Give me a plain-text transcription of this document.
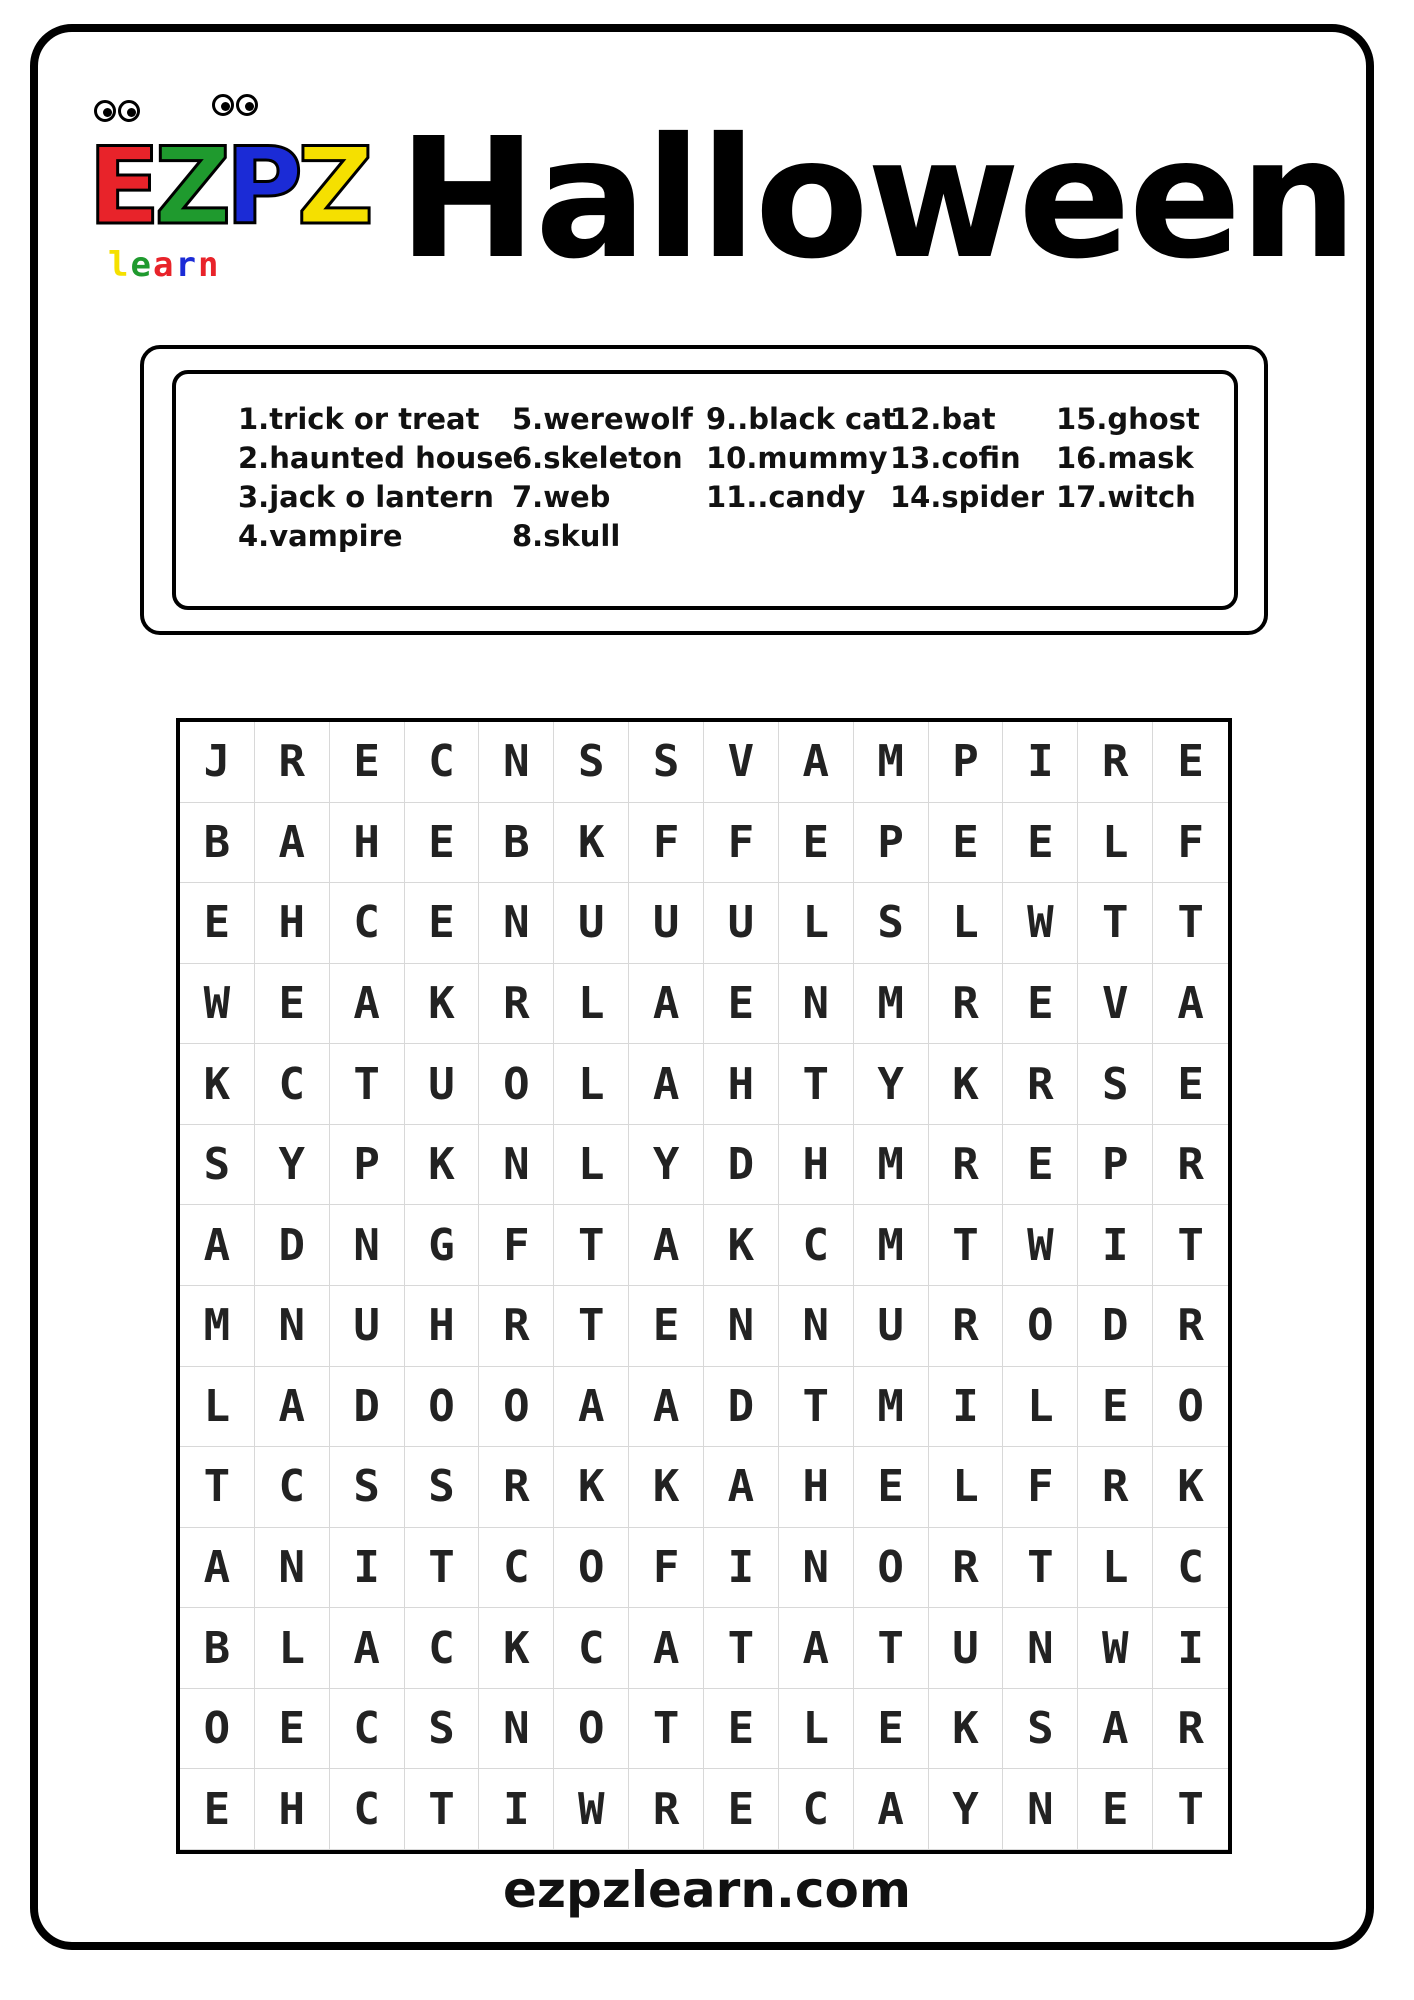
E Z P Z
l e a r n Halloween
1.trick or treat
2.haunted house
3.jack o lantern
4.vampire
5.werewolf
6.skeleton
7.web
8.skull
9..black cat
10.mummy
11..candy
12.bat
13.cofin
14.spider
15.ghost
16.mask
17.witch
J	R	E	C	N	S	S	V	A	M	P	I	R	E
B	A	H	E	B	K	F	F	E	P	E	E	L	F
E	H	C	E	N	U	U	U	L	S	L	W	T	T
W	E	A	K	R	L	A	E	N	M	R	E	V	A
K	C	T	U	O	L	A	H	T	Y	K	R	S	E
S	Y	P	K	N	L	Y	D	H	M	R	E	P	R
A	D	N	G	F	T	A	K	C	M	T	W	I	T
M	N	U	H	R	T	E	N	N	U	R	O	D	R
L	A	D	O	O	A	A	D	T	M	I	L	E	O
T	C	S	S	R	K	K	A	H	E	L	F	R	K
A	N	I	T	C	O	F	I	N	O	R	T	L	C
B	L	A	C	K	C	A	T	A	T	U	N	W	I
O	E	C	S	N	O	T	E	L	E	K	S	A	R
E	H	C	T	I	W	R	E	C	A	Y	N	E	T
ezpzlearn.com
